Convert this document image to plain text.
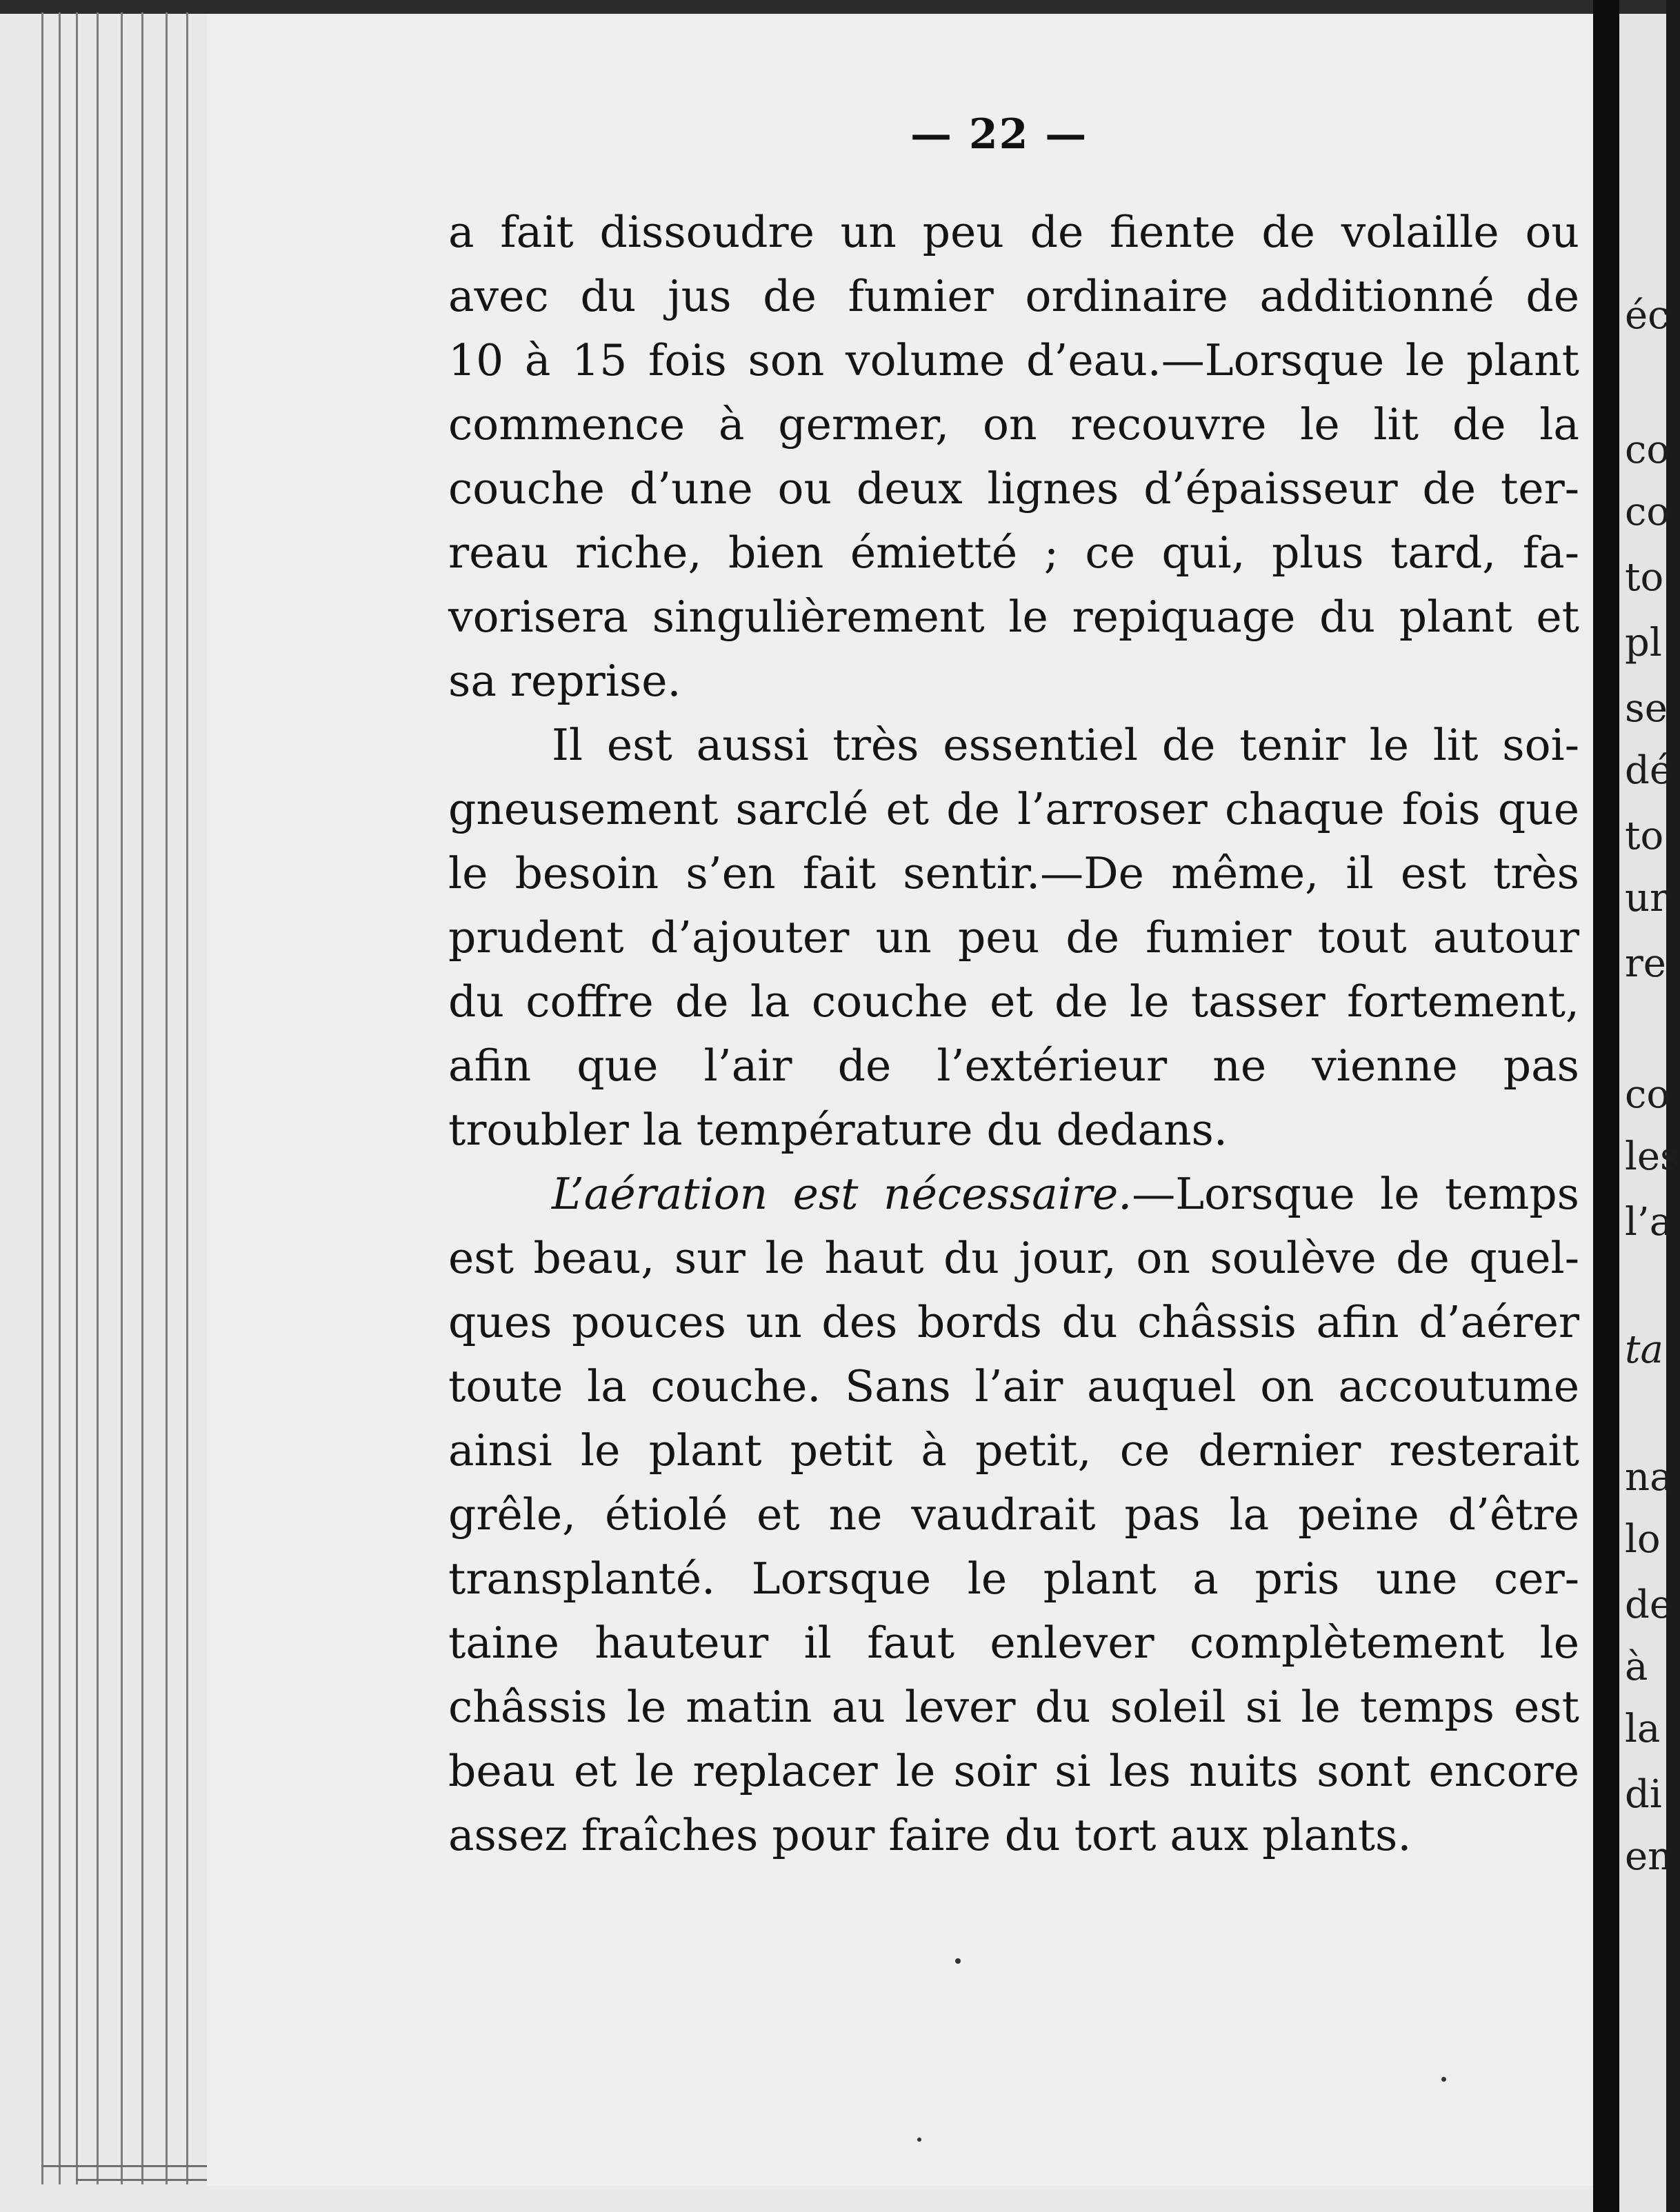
— 22 —
a fait dissoudre un peu de fiente de volaille ou
avec du jus de fumier ordinaire additionné de
10 à 15 fois son volume d’eau.—Lorsque le plant
commence à germer, on recouvre le lit de la
couche d’une ou deux lignes d’épaisseur de ter-
reau riche, bien émietté ; ce qui, plus tard, fa-
vorisera singulièrement le repiquage du plant et
sa reprise.
Il est aussi très essentiel de tenir le lit soi-
gneusement sarclé et de l’arroser chaque fois que
le besoin s’en fait sentir.—De même, il est très
prudent d’ajouter un peu de fumier tout autour
du coffre de la couche et de le tasser fortement,
afin que l’air de l’extérieur ne vienne pas
troubler la température du dedans.
L’aération est nécessaire.—Lorsque le temps
est beau, sur le haut du jour, on soulève de quel-
ques pouces un des bords du châssis afin d’aérer
toute la couche. Sans l’air auquel on accoutume
ainsi le plant petit à petit, ce dernier resterait
grêle, étiolé et ne vaudrait pas la peine d’être
transplanté. Lorsque le plant a pris une cer-
taine hauteur il faut enlever complètement le
châssis le matin au lever du soleil si le temps est
beau et le replacer le soir si les nuits sont encore
assez fraîches pour faire du tort aux plants.
éc
co
co
to
pl
se
dé
to
ur
re
co
les
l’a
ta
na
lo
de
à
la
di
en
